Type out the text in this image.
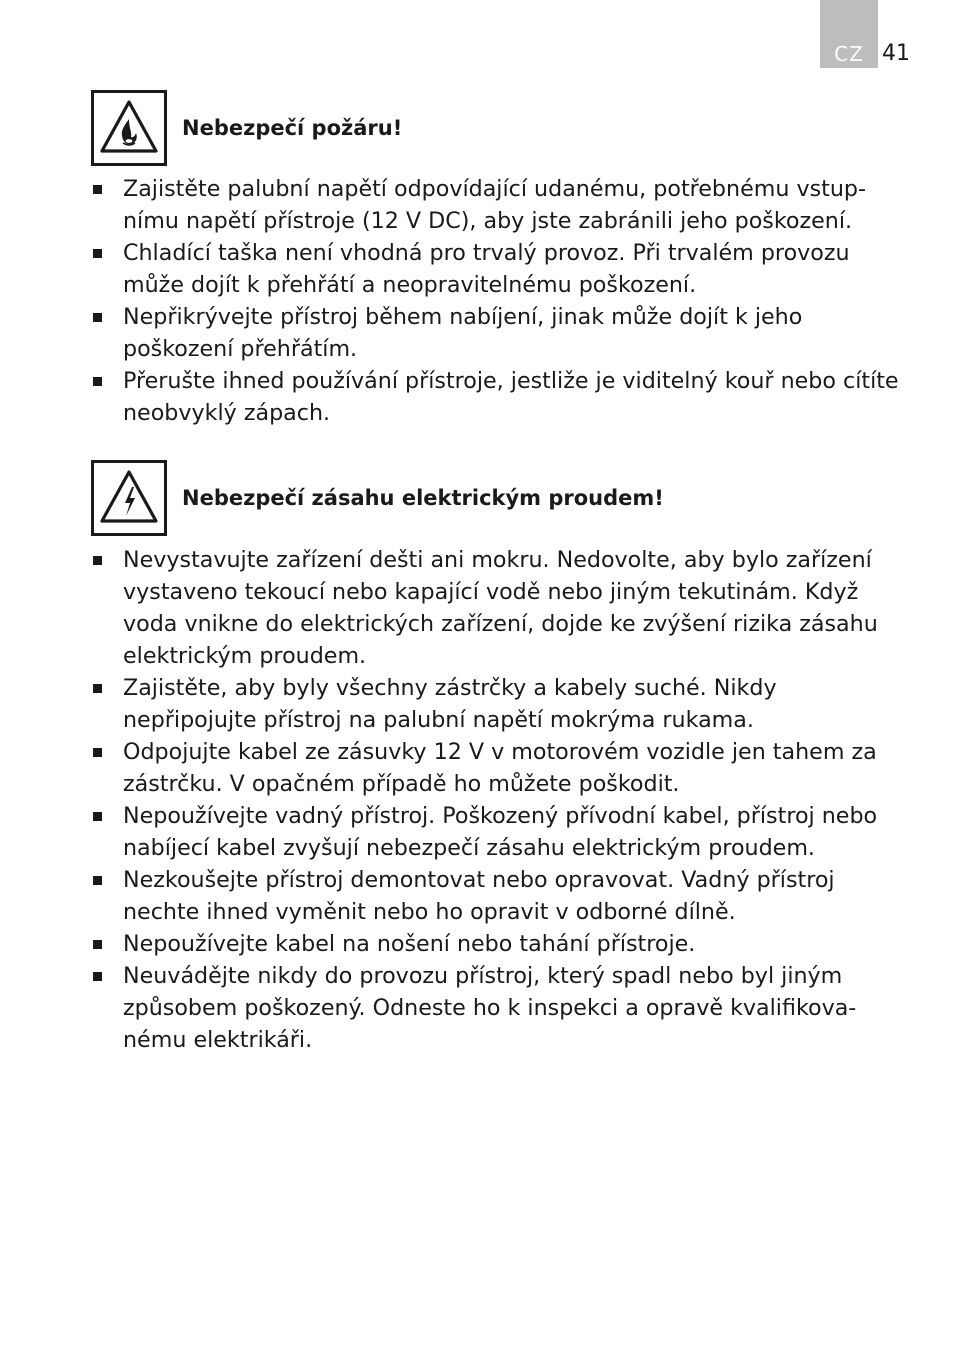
CZ 41
Nebezpečí požáru!
Zajistěte palubní napětí odpovídající udanému, potřebnému vstup-
nímu napětí přístroje (12 V DC), aby jste zabránili jeho poškození.
Chladící taška není vhodná pro trvalý provoz. Při trvalém provozu
může dojít k přehřátí a neopravitelnému poškození.
Nepřikrývejte přístroj během nabíjení, jinak může dojít k jeho
poškození přehřátím.
Přerušte ihned používání přístroje, jestliže je viditelný kouř nebo cítíte
neobvyklý zápach.
Nebezpečí zásahu elektrickým proudem!
Nevystavujte zařízení dešti ani mokru. Nedovolte, aby bylo zařízení
vystaveno tekoucí nebo kapající vodě nebo jiným tekutinám. Když
voda vnikne do elektrických zařízení, dojde ke zvýšení rizika zásahu
elektrickým proudem.
Zajistěte, aby byly všechny zástrčky a kabely suché. Nikdy
nepřipojujte přístroj na palubní napětí mokrýma rukama.
Odpojujte kabel ze zásuvky 12 V v motorovém vozidle jen tahem za
zástrčku. V opačném případě ho můžete poškodit.
Nepoužívejte vadný přístroj. Poškozený přívodní kabel, přístroj nebo
nabíjecí kabel zvyšují nebezpečí zásahu elektrickým proudem.
Nezkoušejte přístroj demontovat nebo opravovat. Vadný přístroj
nechte ihned vyměnit nebo ho opravit v odborné dílně.
Nepoužívejte kabel na nošení nebo tahání přístroje.
Neuvádějte nikdy do provozu přístroj, který spadl nebo byl jiným
způsobem poškozený. Odneste ho k inspekci a opravě kvalifikova-
nému elektrikáři.
